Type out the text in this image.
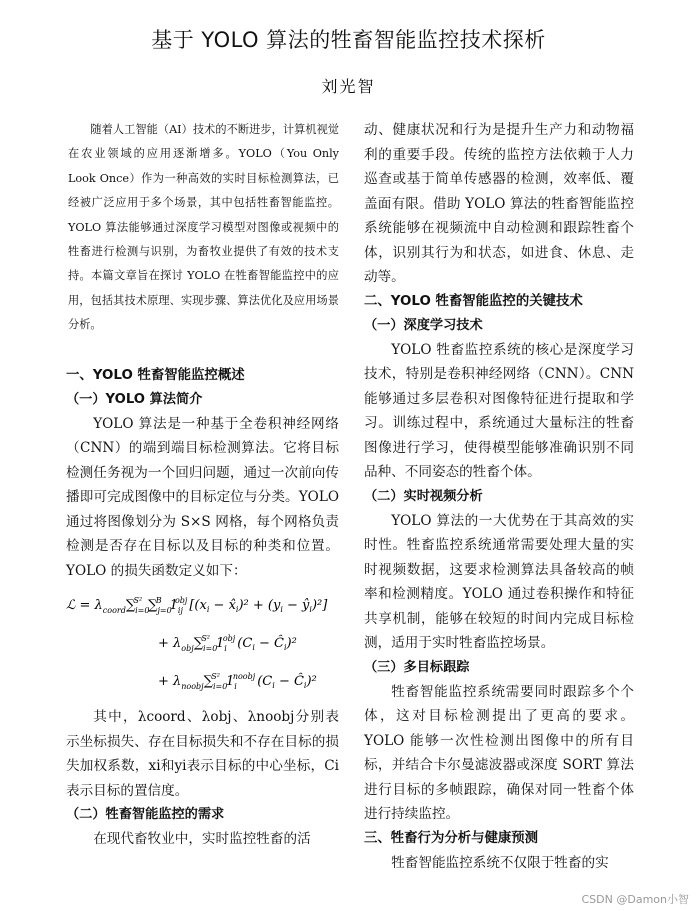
基于 YOLO 算法的牲畜智能监控技术探析
刘光智

随着人工智能（AI）技术的不断进步，计算机视觉在农业领域的应用逐渐增多。YOLO（You Only Look Once）作为一种高效的实时目标检测算法，已经被广泛应用于多个场景，其中包括牲畜智能监控。YOLO 算法能够通过深度学习模型对图像或视频中的牲畜进行检测与识别，为畜牧业提供了有效的技术支持。本篇文章旨在探讨 YOLO 在牲畜智能监控中的应用，包括其技术原理、实现步骤、算法优化及应用场景分析。

一、YOLO 牲畜智能监控概述

（一）YOLO 算法简介

YOLO 算法是一种基于全卷积神经网络（CNN）的端到端目标检测算法。它将目标检测任务视为一个回归问题，通过一次前向传播即可完成图像中的目标定位与分类。YOLO 通过将图像划分为 S×S 网格，每个网格负责检测是否存在目标以及目标的种类和位置。YOLO 的损失函数定义如下：

ℒ = $\lambda_{coord}\sum_{i=0}S^2$ $\sum_{j=0}B$ $1_{ij}obj$ [($x_i$ − $x̂_i)^2 + (y_i$ − $ŷ_i)^2$]
+ $\lambda_{obj}\sum_{i=0}S^2$ $1_iobj$ ($C_i$ − $Ĉ_i)^2$
+ $\lambda_{noobj}\sum_{i=0}S^2$ $1_inoobj$ ($C_i$ − $Ĉ_i)^2$

其中，λcoord、λobj、λnoobj分别表示坐标损失、存在目标损失和不存在目标的损失加权系数，xi和yi表示目标的中心坐标，Ci表示目标的置信度。

（二）牲畜智能监控的需求

在现代畜牧业中，实时监控牲畜的活

动、健康状况和行为是提升生产力和动物福利的重要手段。传统的监控方法依赖于人力巡查或基于简单传感器的检测，效率低、覆盖面有限。借助 YOLO 算法的牲畜智能监控系统能够在视频流中自动检测和跟踪牲畜个体，识别其行为和状态，如进食、休息、走动等。

二、YOLO 牲畜智能监控的关键技术

（一）深度学习技术

YOLO 牲畜监控系统的核心是深度学习技术，特别是卷积神经网络（CNN）。CNN 能够通过多层卷积对图像特征进行提取和学习。训练过程中，系统通过大量标注的牲畜图像进行学习，使得模型能够准确识别不同品种、不同姿态的牲畜个体。

（二）实时视频分析

YOLO 算法的一大优势在于其高效的实时性。牲畜监控系统通常需要处理大量的实时视频数据，这要求检测算法具备较高的帧率和检测精度。YOLO 通过卷积操作和特征共享机制，能够在较短的时间内完成目标检测，适用于实时牲畜监控场景。

（三）多目标跟踪

牲畜智能监控系统需要同时跟踪多个个体，这对目标检测提出了更高的要求。YOLO 能够一次性检测出图像中的所有目标，并结合卡尔曼滤波器或深度 SORT 算法进行目标的多帧跟踪，确保对同一牲畜个体进行持续监控。

三、牲畜行为分析与健康预测

牲畜智能监控系统不仅限于牲畜的实

CSDN @Damon小智
